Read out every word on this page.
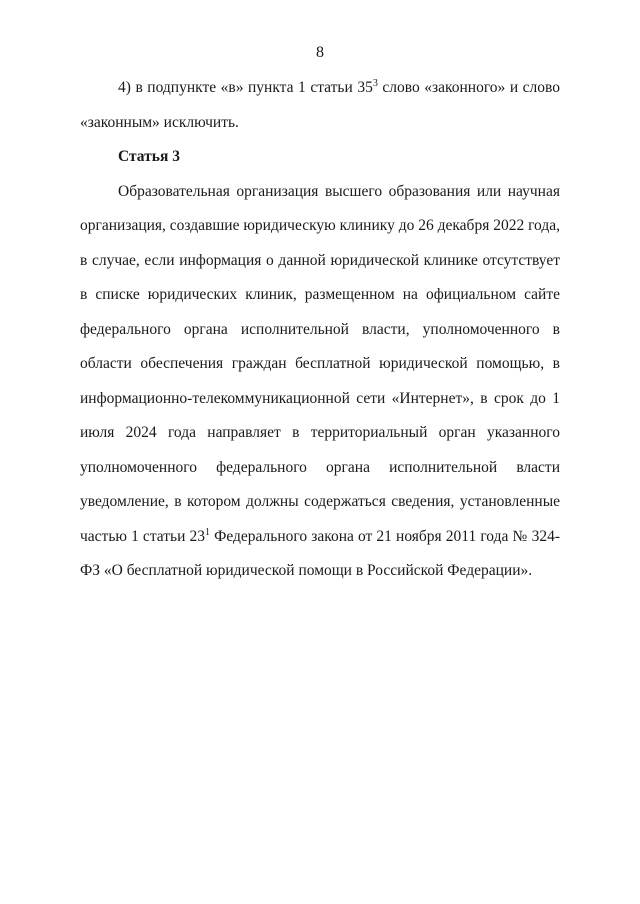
8

4) в подпункте «в» пункта 1 статьи $35^3$ слово «законного» и слово «законным» исключить.

Статья 3

Образовательная организация высшего образования или научная организация, создавшие юридическую клинику до 26 декабря 2022 года, в случае, если информация о данной юридической клинике отсутствует в списке юридических клиник, размещенном на официальном сайте федерального органа исполнительной власти, уполномоченного в области обеспечения граждан бесплатной юридической помощью, в информационно-телекоммуникационной сети «Интернет», в срок до 1 июля 2024 года направляет в территориальный орган указанного уполномоченного федерального органа исполнительной власти уведомление, в котором должны содержаться сведения, установленные частью 1 статьи $23^1$ Федерального закона от 21 ноября 2011 года № 324-ФЗ «О бесплатной юридической помощи в Российской Федерации».
